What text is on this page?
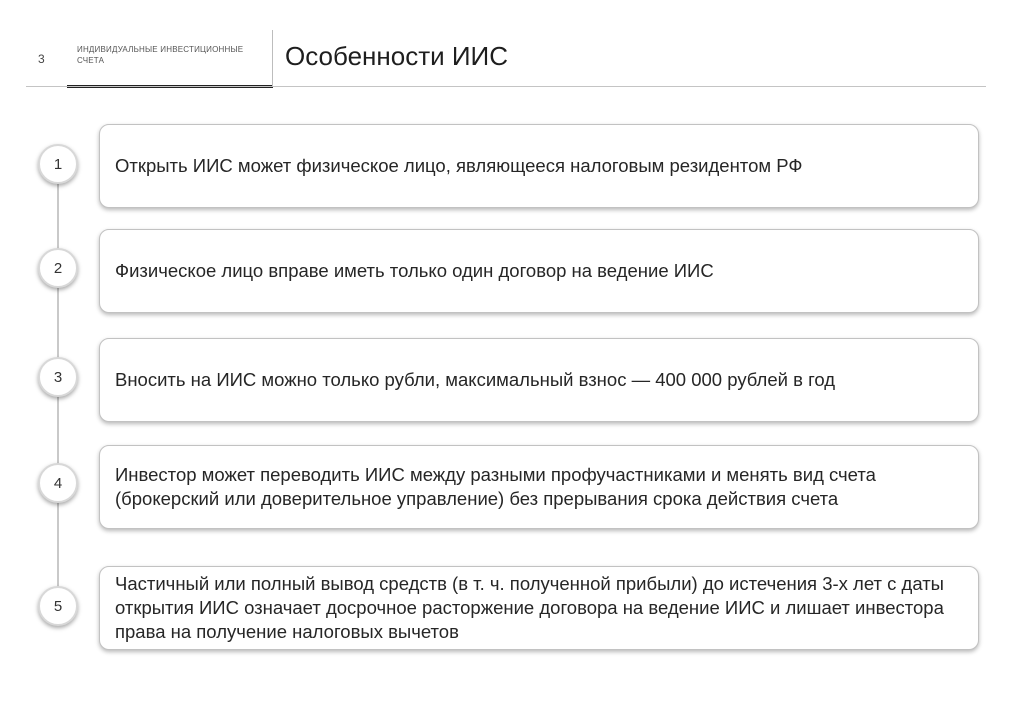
3
ИНДИВИДУАЛЬНЫЕ ИНВЕСТИЦИОННЫЕ СЧЕТА	Особенности ИИС
1	Открыть ИИС может физическое лицо, являющееся налоговым резидентом РФ
2	Физическое лицо вправе иметь только один договор на ведение ИИС
3	Вносить на ИИС можно только рубли, максимальный взнос — 400 000 рублей в год
4	Инвестор может переводить ИИС между разными профучастниками и менять вид счета (брокерский или доверительное управление) без прерывания срока действия счета
5
Частичный или полный вывод средств (в т. ч. полученной прибыли) до истечения 3-х лет с даты открытия ИИС означает досрочное расторжение договора на ведение ИИС и лишает инвестора права на получение налоговых вычетов
